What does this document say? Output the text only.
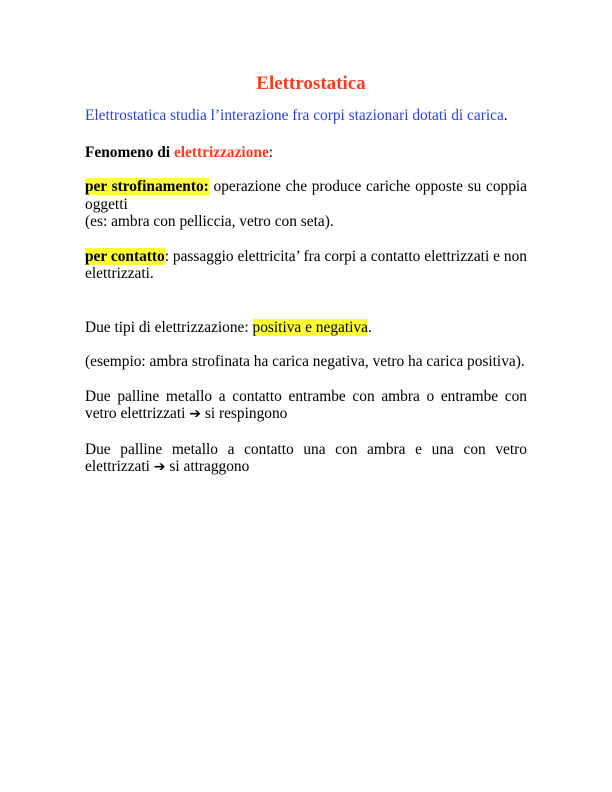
Elettrostatica
Elettrostatica studia l’interazione fra corpi stazionari dotati di carica.
Fenomeno di elettrizzazione:
per strofinamento: operazione che produce cariche opposte su coppia oggetti
(es: ambra con pelliccia, vetro con seta).
per contatto: passaggio elettricita’ fra corpi a contatto elettrizzati e non elettrizzati.
Due tipi di elettrizzazione: positiva e negativa.
(esempio: ambra strofinata ha carica negativa, vetro ha carica positiva).
Due palline metallo a contatto entrambe con ambra o entrambe con vetro elettrizzati ➔ si respingono
Due palline metallo a contatto una con ambra e una con vetro elettrizzati ➔ si attraggono
